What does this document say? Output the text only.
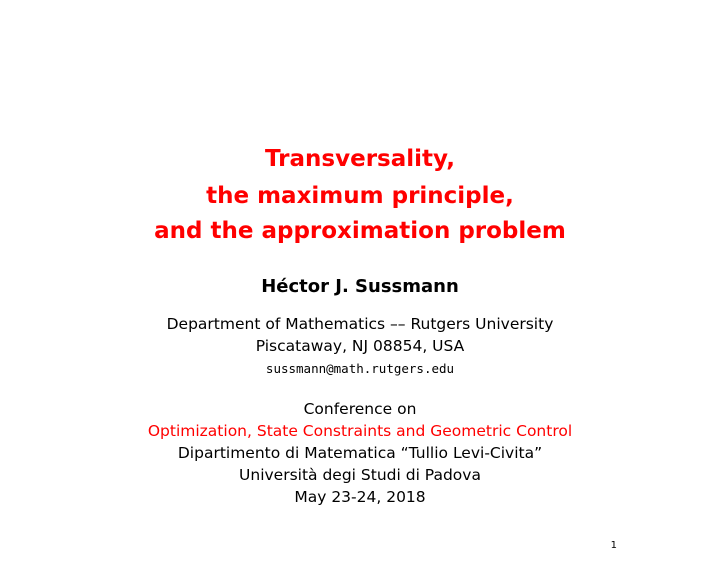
Transversality,
the maximum principle,
and the approximation problem
Héctor J. Sussmann
Department of Mathematics –– Rutgers University
Piscataway, NJ 08854, USA
sussmann@math.rutgers.edu
Conference on
Optimization, State Constraints and Geometric Control
Dipartimento di Matematica “Tullio Levi-Civita”
Università degi Studi di Padova
May 23-24, 2018
1
